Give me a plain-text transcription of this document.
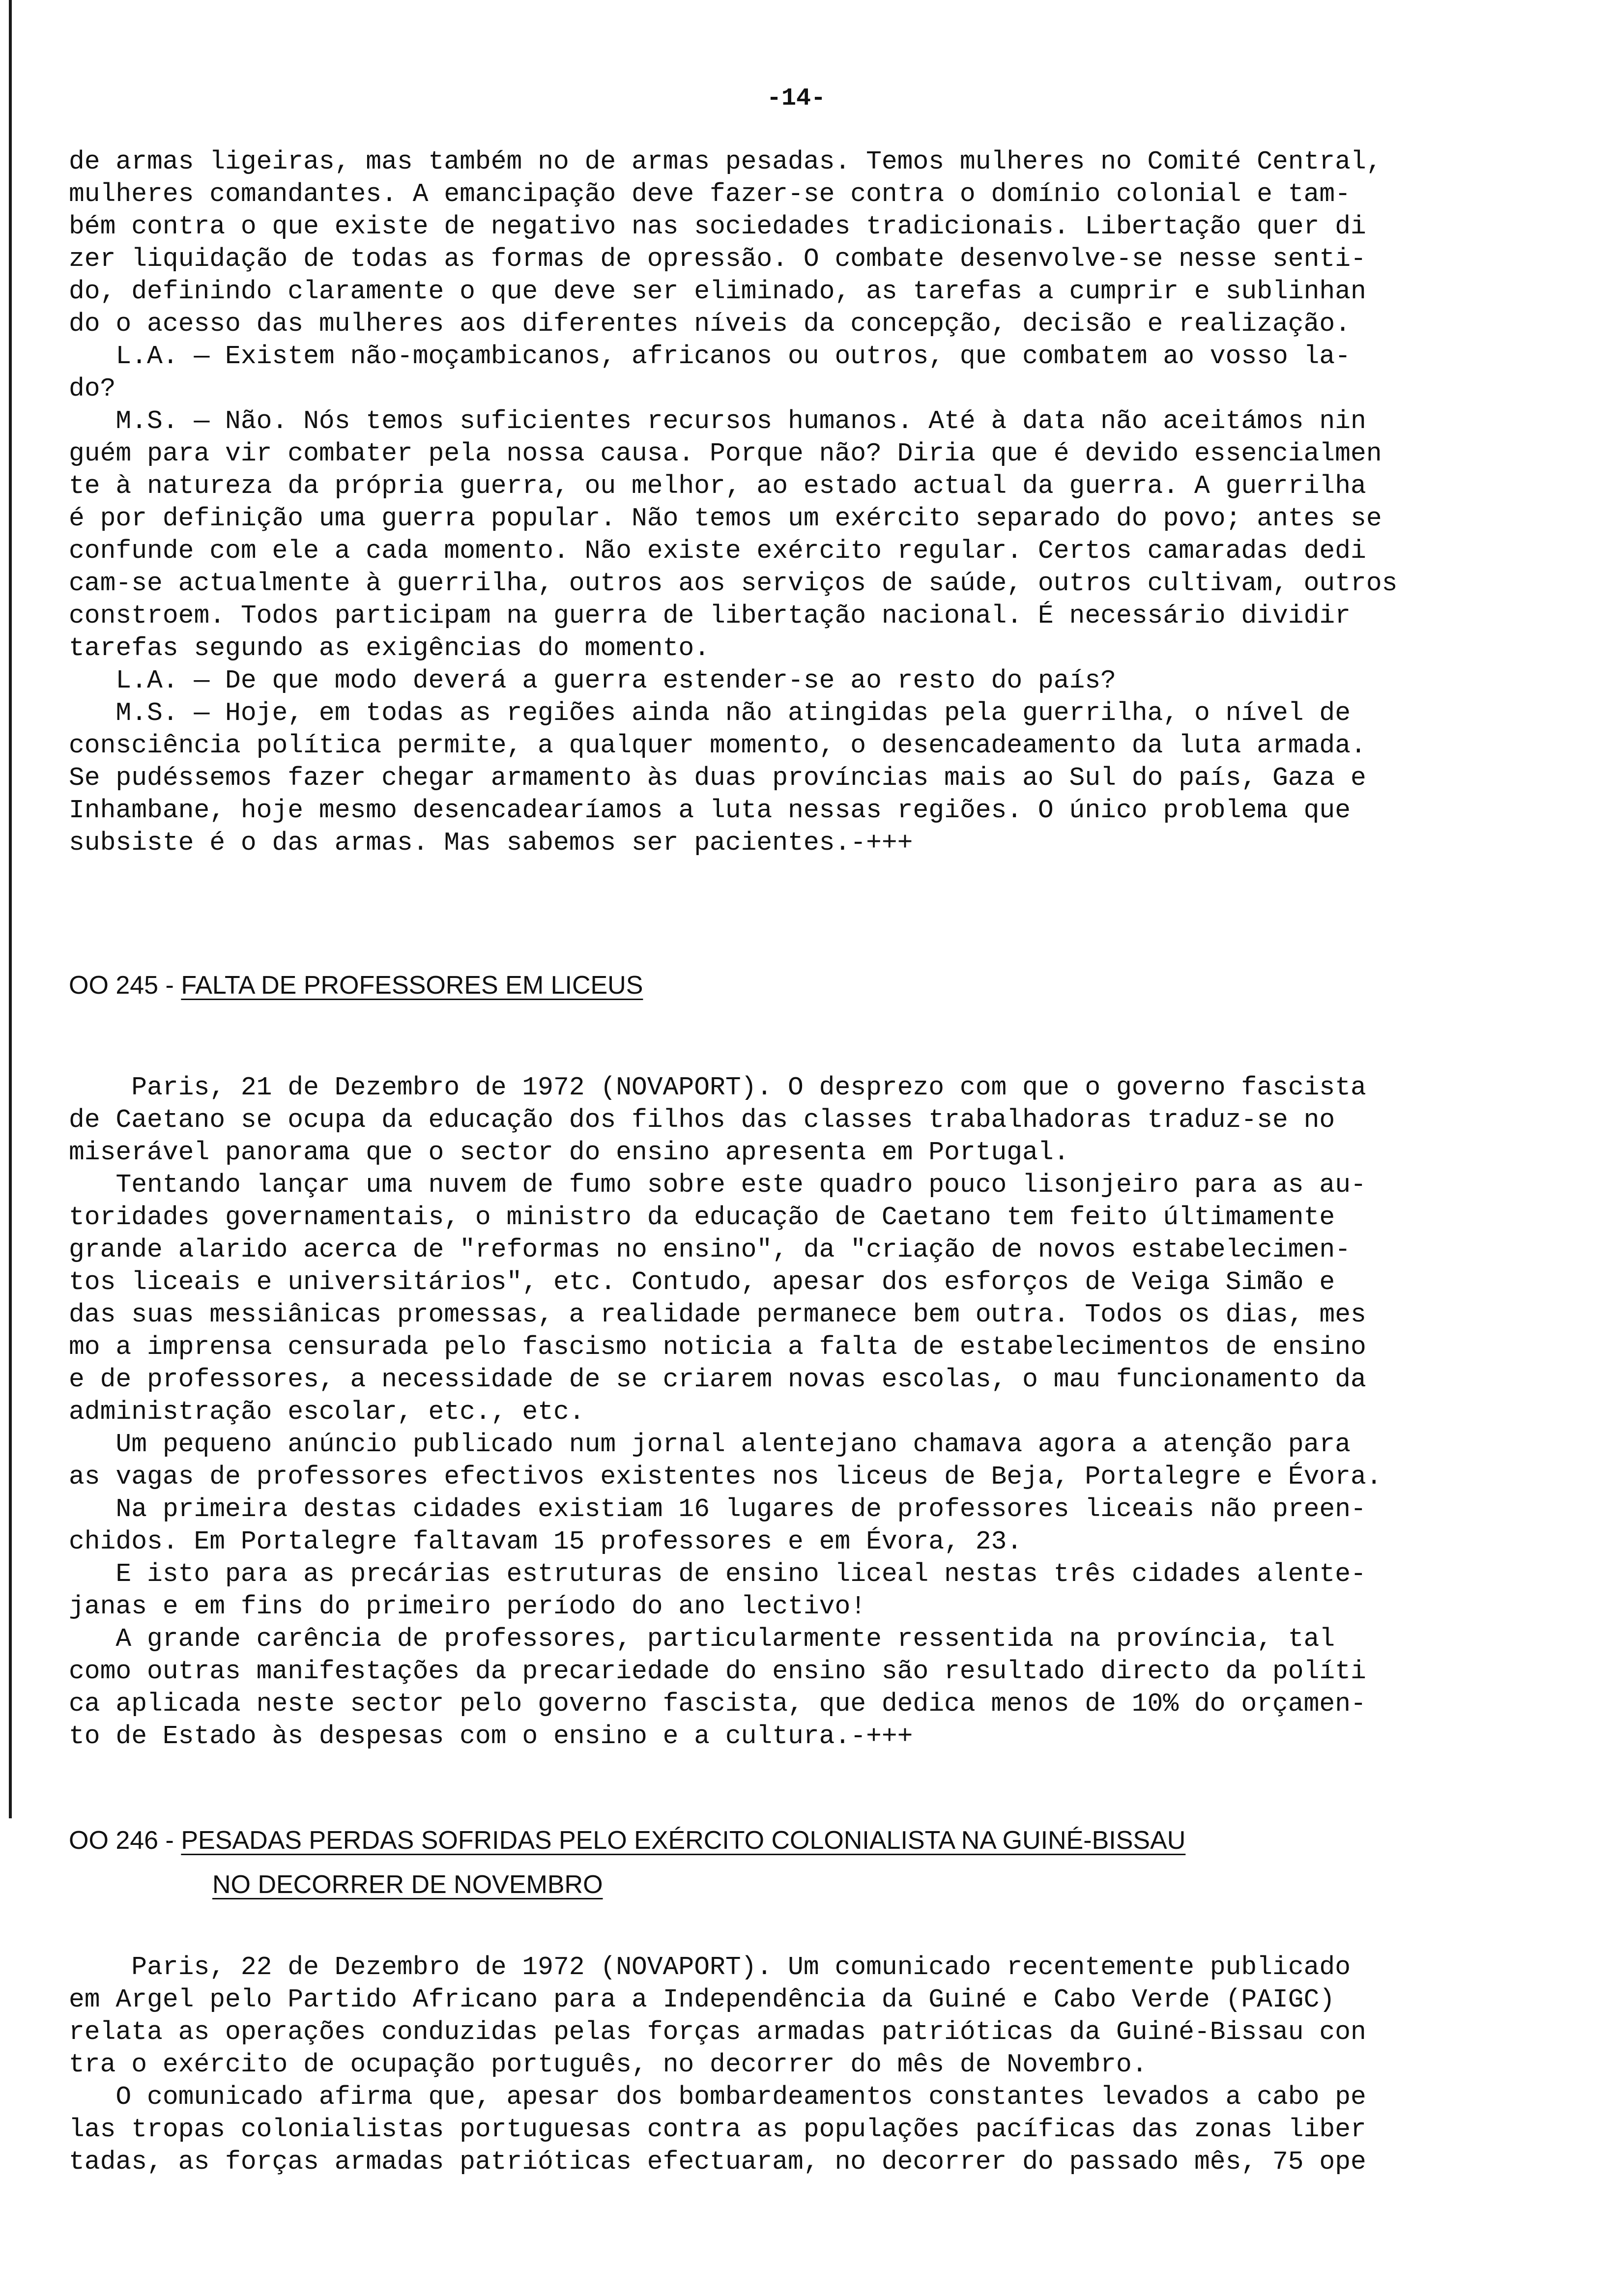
-14-

de armas ligeiras, mas também no de armas pesadas. Temos mulheres no Comité Central,
mulheres comandantes. A emancipação deve fazer-se contra o domínio colonial e tam-
bém contra o que existe de negativo nas sociedades tradicionais. Libertação quer di
zer liquidação de todas as formas de opressão. O combate desenvolve-se nesse senti-
do, definindo claramente o que deve ser eliminado, as tarefas a cumprir e sublinhan
do o acesso das mulheres aos diferentes níveis da concepção, decisão e realização.

L.A. — Existem não-moçambicanos, africanos ou outros, que combatem ao vosso la-
do?

M.S. — Não. Nós temos suficientes recursos humanos. Até à data não aceitámos nin
guém para vir combater pela nossa causa. Porque não? Diria que é devido essencialmen
te à natureza da própria guerra, ou melhor, ao estado actual da guerra. A guerrilha
é por definição uma guerra popular. Não temos um exército separado do povo; antes se
confunde com ele a cada momento. Não existe exército regular. Certos camaradas dedi
cam-se actualmente à guerrilha, outros aos serviços de saúde, outros cultivam, outros
constroem. Todos participam na guerra de libertação nacional. É necessário dividir
tarefas segundo as exigências do momento.

L.A. — De que modo deverá a guerra estender-se ao resto do país?

M.S. — Hoje, em todas as regiões ainda não atingidas pela guerrilha, o nível de
consciência política permite, a qualquer momento, o desencadeamento da luta armada.
Se pudéssemos fazer chegar armamento às duas províncias mais ao Sul do país, Gaza e
Inhambane, hoje mesmo desencadearíamos a luta nessas regiões. O único problema que
subsiste é o das armas. Mas sabemos ser pacientes.-+++

OO 245 - FALTA DE PROFESSORES EM LICEUS

Paris, 21 de Dezembro de 1972 (NOVAPORT). O desprezo com que o governo fascista
de Caetano se ocupa da educação dos filhos das classes trabalhadoras traduz-se no
miserável panorama que o sector do ensino apresenta em Portugal.

Tentando lançar uma nuvem de fumo sobre este quadro pouco lisonjeiro para as au-
toridades governamentais, o ministro da educação de Caetano tem feito últimamente
grande alarido acerca de "reformas no ensino", da "criação de novos estabelecimen-
tos liceais e universitários", etc. Contudo, apesar dos esforços de Veiga Simão e
das suas messiânicas promessas, a realidade permanece bem outra. Todos os dias, mes
mo a imprensa censurada pelo fascismo noticia a falta de estabelecimentos de ensino
e de professores, a necessidade de se criarem novas escolas, o mau funcionamento da
administração escolar, etc., etc.

Um pequeno anúncio publicado num jornal alentejano chamava agora a atenção para
as vagas de professores efectivos existentes nos liceus de Beja, Portalegre e Évora.

Na primeira destas cidades existiam 16 lugares de professores liceais não preen-
chidos. Em Portalegre faltavam 15 professores e em Évora, 23.

E isto para as precárias estruturas de ensino liceal nestas três cidades alente-
janas e em fins do primeiro período do ano lectivo!

A grande carência de professores, particularmente ressentida na província, tal
como outras manifestações da precariedade do ensino são resultado directo da políti
ca aplicada neste sector pelo governo fascista, que dedica menos de 10% do orçamen-
to de Estado às despesas com o ensino e a cultura.-+++

OO 246 - PESADAS PERDAS SOFRIDAS PELO EXÉRCITO COLONIALISTA NA GUINÉ-BISSAU
NO DECORRER DE NOVEMBRO

Paris, 22 de Dezembro de 1972 (NOVAPORT). Um comunicado recentemente publicado
em Argel pelo Partido Africano para a Independência da Guiné e Cabo Verde (PAIGC)
relata as operações conduzidas pelas forças armadas patrióticas da Guiné-Bissau con
tra o exército de ocupação português, no decorrer do mês de Novembro.

O comunicado afirma que, apesar dos bombardeamentos constantes levados a cabo pe
las tropas colonialistas portuguesas contra as populações pacíficas das zonas liber
tadas, as forças armadas patrióticas efectuaram, no decorrer do passado mês, 75 ope
